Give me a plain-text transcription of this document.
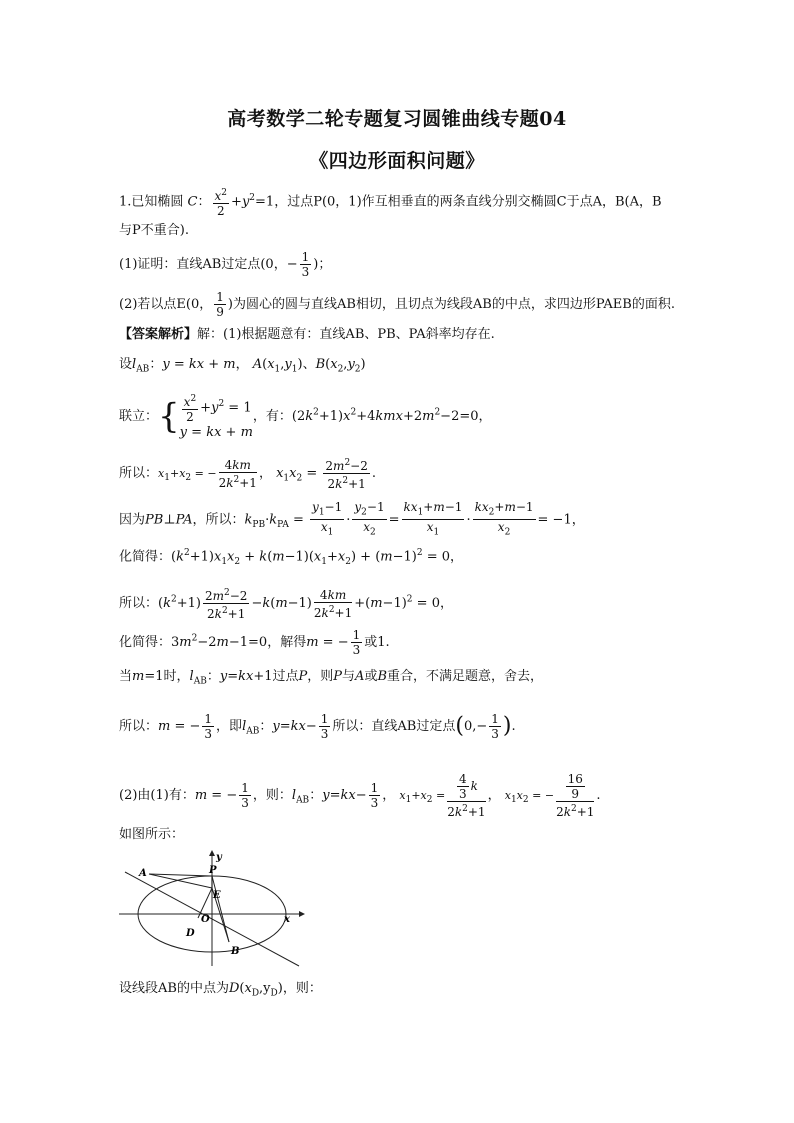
高考数学二轮专题复习圆锥曲线专题04
《四边形面积问题》
1.已知椭圆 C： $\frac{x^2}{2} +y^2=1$，过点P(0，1)作互相垂直的两条直线分别交椭圆C于点A，B(A，B
与P不重合).
(1)证明：直线AB过定点(0，− $\frac{1}{3}$ )；
(2)若以点E(0， $\frac{1}{9}$ )为圆心的圆与直线AB相切，且切点为线段AB的中点，求四边形PAEB的面积.
【答案解析】解：(1)根据题意有：直线AB、PB、PA斜率均存在.
设$l_{AB}$：y = kx + m， $A(x_1,y_1)$、$B(x_2,y_2)$
联立：{ $\frac{x^2}{2} +y^2 = 1$
y = kx + m，有：$(2k^2+1)x^2+4kmx+2m^2-2=0$，
所以：$x_1+x_2$ = − $\frac{4km}{2k^2+1}$ ， $x_1x_2 = \frac{2m^2-2}{2k^2+1}$ .
因为PB⊥PA，所以：$k_{PB}\cdot k_{PA} = \frac{y_1-1}{x_1} \cdot \frac{y_2-1}{x_2} = \frac{kx_1+m-1}{x_1} \cdot \frac{kx_2+m-1}{x_2} = -1$，
化简得：$(k^2+1)x_1x_2 + k(m-1)(x_1+x_2) + (m-1)^2 = 0$，
所以：$(k^2+1) \frac{2m^2-2}{2k^2+1} -k(m-1) \frac{4km}{2k^2+1} +(m-1)^2 = 0$，
化简得：$3m^2-2m-1=0$，解得m = − $\frac{1}{3}$ 或1.
当m=1时，$l_{AB}$：y=kx+1过点P，则P与A或B重合，不满足题意，舍去，
所以：m = − $\frac{1}{3}$ ，即$l_{AB}$：$y=kx- \frac{1}{3}$ 所以：直线AB过定点($0,- \frac{1}{3}$ ).
(2)由(1)有：m = − $\frac{1}{3}$ ，则：$l_{AB}$：$y=kx- \frac{1}{3}$ ， $x_1+x_2 = \frac{\frac{4}{3} k}{2k^2+1}$ ， $x_1x_2$ = − $\frac{\frac{16}{9}}{2k^2+1}$ .
如图所示：
y
P
A
E
O	x
D
B
设线段AB的中点为$D(x_D,y_D)$，则：
